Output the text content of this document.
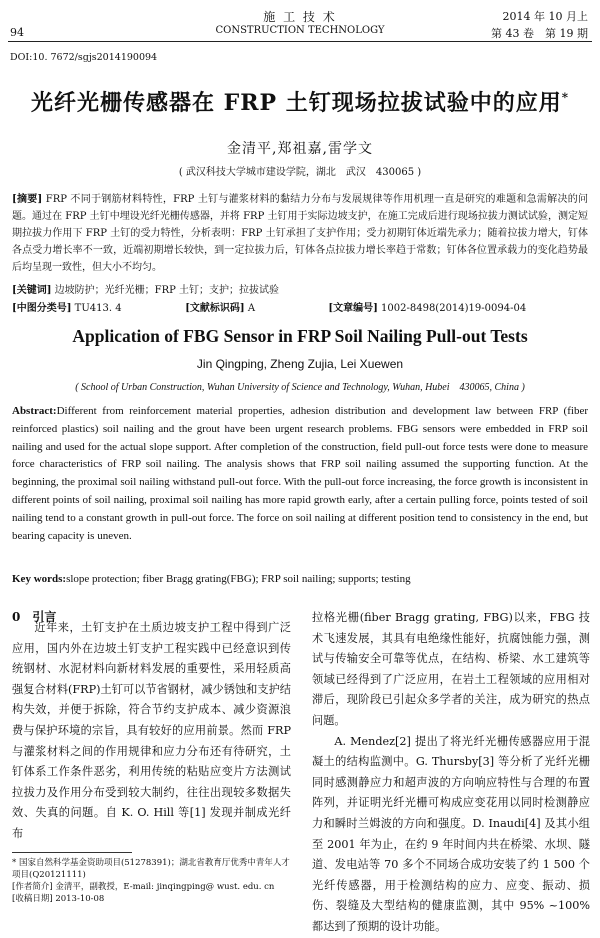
94
施 工 技 术
CONSTRUCTION TECHNOLOGY
2014 年 10 月上
第 43 卷　第 19 期
DOI:10. 7672/sgjs2014190094
光纤光栅传感器在 FRP 土钉现场拉拔试验中的应用*
金清平,郑祖嘉,雷学文
( 武汉科技大学城市建设学院，湖北　武汉　430065 )
[摘要] FRP 不同于钢筋材料特性，FRP 土钉与灌浆材料的黏结力分布与发展规律等作用机理一直是研究的难题和急需解决的问题。通过在 FRP 土钉中埋设光纤光栅传感器，并将 FRP 土钉用于实际边坡支护，在施工完成后进行现场拉拔力测试试验，测定短期拉拔力作用下 FRP 土钉的受力特性，分析表明：FRP 土钉承担了支护作用；受力初期钉体近端先承力；随着拉拔力增大，钉体各点受力增长率不一致，近端初期增长较快，到一定拉拔力后，钉体各点拉拔力增长率趋于常数；钉体各位置承载力的变化趋势最后均呈现一致性，但大小不均匀。
[关键词] 边坡防护；光纤光栅；FRP 土钉；支护；拉拔试验
[中图分类号] TU413. 4	[文献标识码] A	[文章编号] 1002-8498(2014)19-0094-04
Application of FBG Sensor in FRP Soil Nailing Pull-out Tests
Jin Qingping, Zheng Zujia, Lei Xuewen
( School of Urban Construction, Wuhan University of Science and Technology, Wuhan, Hubei　430065, China )
Abstract:Different from reinforcement material properties, adhesion distribution and development law between FRP (fiber reinforced plastics) soil nailing and the grout have been urgent research problems. FBG sensors were embedded in FRP soil nailing and used for the actual slope support. After completion of the construction, field pull-out force tests were done to measure force characteristics of FRP soil nailing. The analysis shows that FRP soil nailing assumed the supporting function. At the beginning, the proximal soil nailing withstand pull-out force. With the pull-out force increasing, the force growth is inconsistent in different points of soil nailing, proximal soil nailing has more rapid growth early, after a certain pulling force, points tested of soil nailing tend to a constant growth in pull-out force. The force on soil nailing at different position tend to consistency in the end, but bearing capacity is uneven.
Key words:slope protection; fiber Bragg grating(FBG); FRP soil nailing; supports; testing
0　引言
近年来，土钉支护在土质边坡支护工程中得到广泛应用，国内外在边坡土钉支护工程实践中已经意识到传统钢材、水泥材料向新材料发展的重要性，采用轻质高强复合材料(FRP)土钉可以节省钢材，减少锈蚀和支护结构失效，并便于拆除，符合节约支护成本、减少资源浪费与保护环境的宗旨，具有较好的应用前景。然而 FRP 与灌浆材料之间的作用规律和应力分布还有待研究，土钉体系工作条件恶劣，利用传统的粘贴应变片方法测试拉拔力及作用分布受到较大制约，往往出现较多数据失效、失真的问题。自 K. O. Hill 等[1] 发现并制成光纤布
拉格光栅(fiber Bragg grating, FBG)以来，FBG 技术飞速发展，其具有电绝缘性能好，抗腐蚀能力强，测试与传输安全可靠等优点，在结构、桥梁、水工建筑等领域已经得到了广泛应用，在岩土工程领域的应用相对滞后，现阶段已引起众多学者的关注，成为研究的热点问题。
A. Mendez[2] 提出了将光纤光栅传感器应用于混凝土的结构监测中。G. Thursby[3] 等分析了光纤光栅同时感测静应力和超声波的方向响应特性与合理的布置阵列，并证明光纤光栅可构成应变花用以同时检测静应力和瞬时兰姆波的方向和强度。D. Inaudi[4] 及其小组至 2001 年为止，在约 9 年时间内共在桥梁、水坝、隧道、发电站等 70 多个不同场合成功安装了约 1 500 个光纤传感器，用于检测结构的应力、应变、振动、损伤、裂缝及大型结构的健康监测，其中 95% ~100% 都达到了预期的设计功能。
* 国家自然科学基金资助项目(51278391)；湖北省教育厅优秀中青年人才项目(Q20121111)
[作者简介] 金清平，副教授，E-mail: jinqingping@ wust. edu. cn
[收稿日期] 2013-10-08
